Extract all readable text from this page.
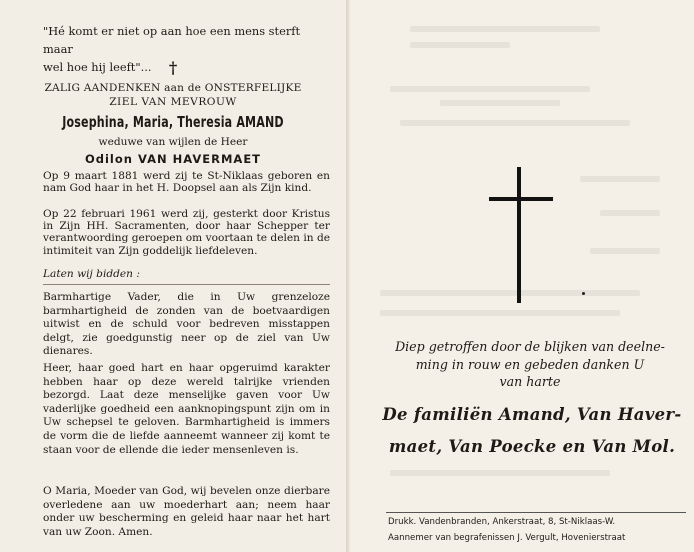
"Hé komt er niet op aan hoe een mens sterft maar
wel hoe hij leeft"...	†
ZALIG AANDENKEN aan de ONSTERFELIJKE
ZIEL VAN MEVROUW
Josephina, Maria, Theresia AMAND
weduwe van wijlen de Heer
Odilon VAN HAVERMAET
Op 9 maart 1881 werd zij te St-Niklaas geboren en nam God haar in het H. Doopsel aan als Zijn kind.
Op 22 februari 1961 werd zij, gesterkt door Kristus in Zijn HH. Sacramenten, door haar Schepper ter verantwoording geroepen om voortaan te delen in de intimiteit van Zijn goddelijk liefdeleven.
Laten wij bidden :
Barmhartige Vader, die in Uw grenzeloze barmhartigheid de zonden van de boetvaardigen uitwist en de schuld voor bedreven misstappen delgt, zie goedgunstig neer op de ziel van Uw dienares.
Heer, haar goed hart en haar opgeruimd karakter hebben haar op deze wereld talrijke vrienden bezorgd. Laat deze menselijke gaven voor Uw vaderlijke goedheid een aanknopingspunt zijn om in Uw schepsel te geloven. Barmhartigheid is immers de vorm die de liefde aanneemt wanneer zij komt te staan voor de ellende die ieder mensenleven is.
O Maria, Moeder van God, wij bevelen onze dierbare overledene aan uw moederhart aan; neem haar onder uw bescherming en geleid haar naar het hart van uw Zoon. Amen.
Diep getroffen door de blijken van deelne-
ming in rouw en gebeden danken U
van harte
De familiën Amand, Van Haver-
maet, Van Poecke en Van Mol.
Drukk. Vandenbranden, Ankerstraat, 8, St-Niklaas-W.
Aannemer van begrafenissen J. Vergult, Hovenierstraat
